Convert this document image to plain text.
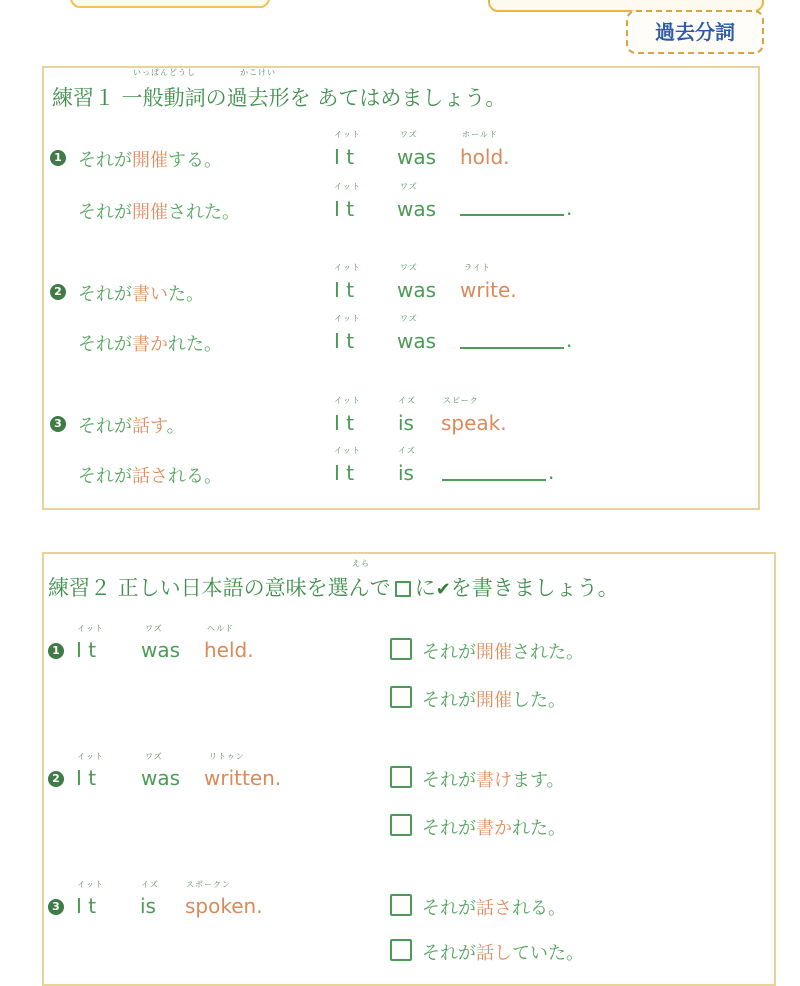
過去分詞
いっぱんどうし	かこけい
練習１ 一般動詞の過去形を あてはめましょう。
1 それが開催する。
イット	ワズ	ホールド
I t was hold.
それが開催された。
イット	ワズ
I t was	.
2 それが書いた。
イット	ワズ	ライト
I t was write.
それが書かれた。
イット	ワズ
I t was	.
3 それが話す。
イット	イズ	スピーク
I t is speak.
それが話される。
イット	イズ
I t is	.
えら
練習２ 正しい日本語の意味を選んで に✔を書きましょう。
1
イット	ワズ	ヘルド
I t was held.	それが開催された。
それが開催した。
2
イット	ワズ	リトゥン
I t was written.	それが書けます。
それが書かれた。
3
イット	イズ	スポークン
I t is spoken.	それが話される。
それが話していた。
